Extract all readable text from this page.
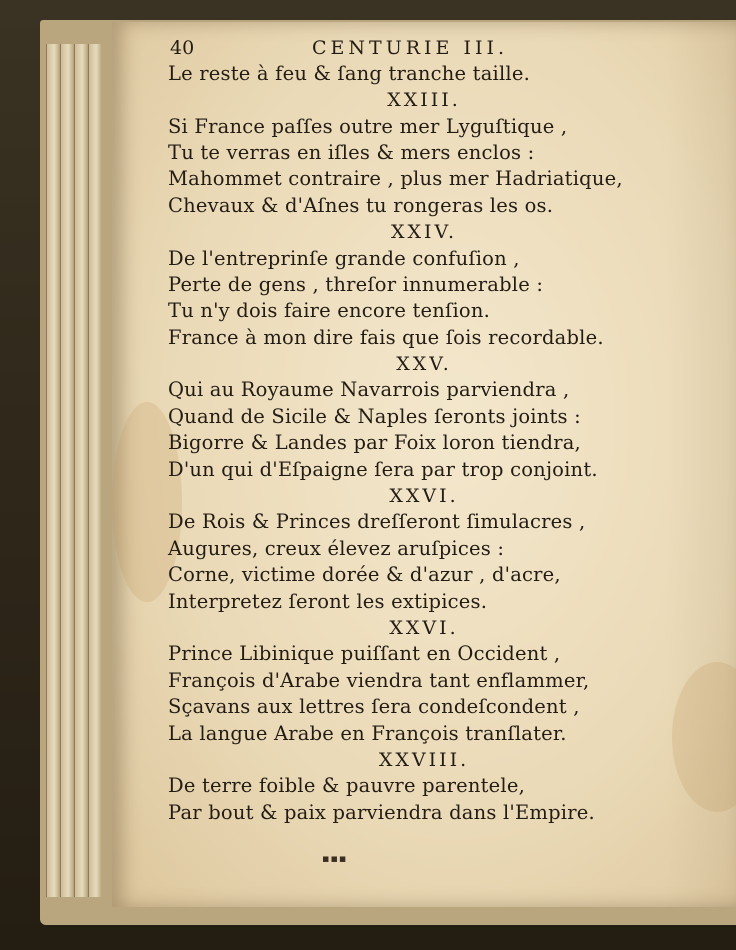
40	CENTURIE III.
Le reste à feu & ſang tranche taille.
XXIII.
Si France paſſes outre mer Lyguſtique ,
Tu te verras en iſles & mers enclos :
Mahommet contraire , plus mer Hadriatique,
Chevaux & d'Aſnes tu rongeras les os.
XXIV.
De l'entreprinſe grande confuſion ,
Perte de gens , threſor innumerable :
Tu n'y dois faire encore tenſion.
France à mon dire fais que ſois recordable.
XXV.
Qui au Royaume Navarrois parviendra ,
Quand de Sicile & Naples ſeronts joints :
Bigorre & Landes par Foix loron tiendra,
D'un qui d'Eſpaigne ſera par trop conjoint.
XXVI.
De Rois & Princes dreſſeront ſimulacres ,
Augures, creux élevez aruſpices :
Corne, victime dorée & d'azur , d'acre,
Interpretez ſeront les extipices.
XXVI.
Prince Libinique puiſſant en Occident ,
François d'Arabe viendra tant enflammer,
Sçavans aux lettres ſera condeſcondent ,
La langue Arabe en François tranſlater.
XXVIII.
De terre foible & pauvre parentele,
Par bout & paix parviendra dans l'Empire.
▪▪▪
